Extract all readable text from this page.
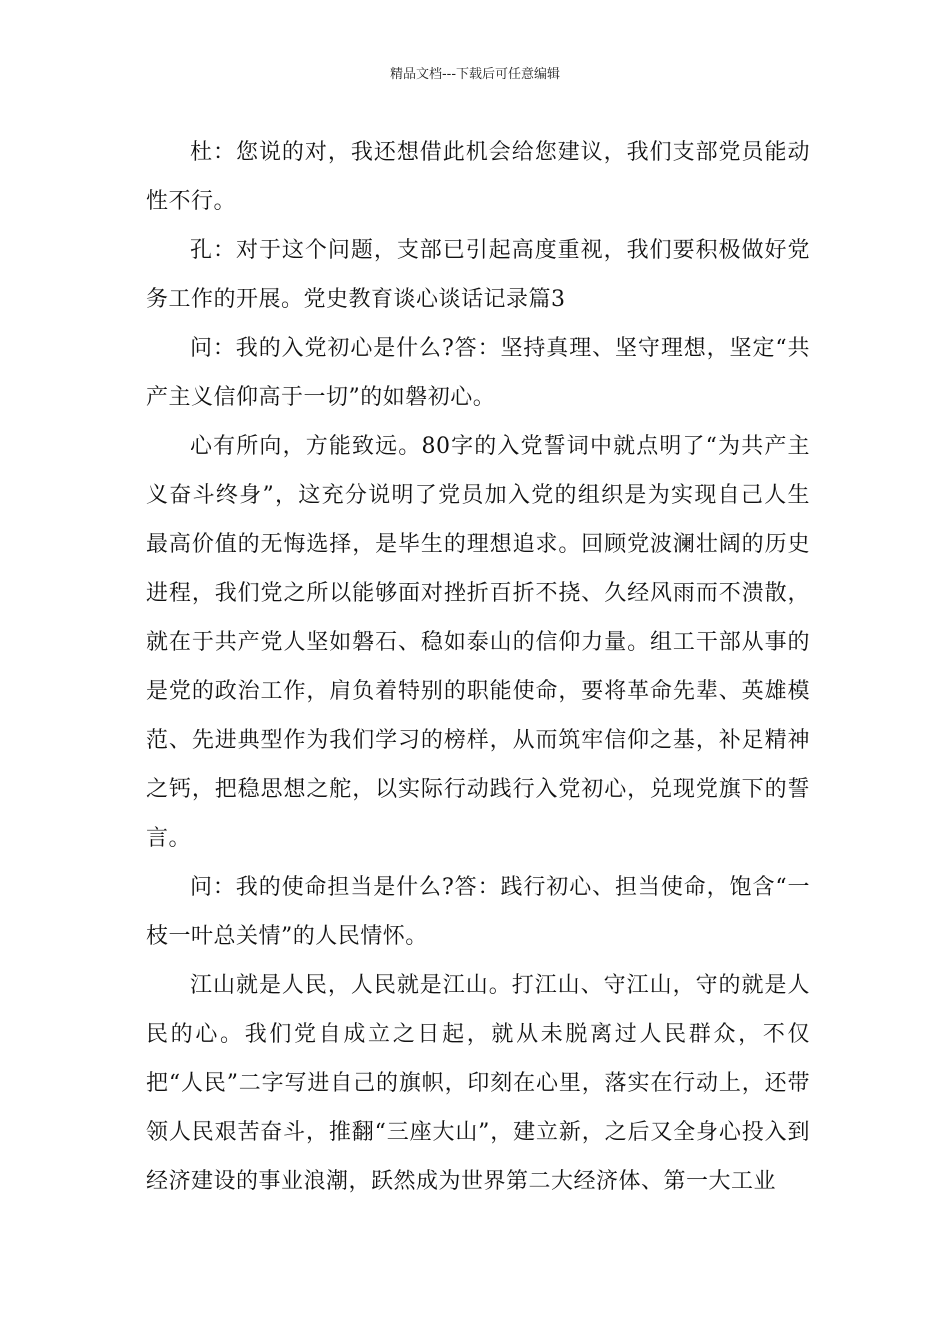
精品文档---下载后可任意编辑

杜：您说的对，我还想借此机会给您建议，我们支部党员能动性不行。

孔：对于这个问题，支部已引起高度重视，我们要积极做好党务工作的开展。党史教育谈心谈话记录篇3

问：我的入党初心是什么?答：坚持真理、坚守理想，坚定“共产主义信仰高于一切”的如磐初心。

心有所向，方能致远。80字的入党誓词中就点明了“为共产主义奋斗终身”，这充分说明了党员加入党的组织是为实现自己人生最高价值的无悔选择，是毕生的理想追求。回顾党波澜壮阔的历史进程，我们党之所以能够面对挫折百折不挠、久经风雨而不溃散，就在于共产党人坚如磐石、稳如泰山的信仰力量。组工干部从事的是党的政治工作，肩负着特别的职能使命，要将革命先辈、英雄模范、先进典型作为我们学习的榜样，从而筑牢信仰之基，补足精神之钙，把稳思想之舵，以实际行动践行入党初心，兑现党旗下的誓言。

问：我的使命担当是什么?答：践行初心、担当使命，饱含“一枝一叶总关情”的人民情怀。

江山就是人民，人民就是江山。打江山、守江山，守的就是人民的心。我们党自成立之日起，就从未脱离过人民群众，不仅把“人民”二字写进自己的旗帜，印刻在心里，落实在行动上，还带领人民艰苦奋斗，推翻“三座大山”，建立新，之后又全身心投入到经济建设的事业浪潮，跃然成为世界第二大经济体、第一大工业
